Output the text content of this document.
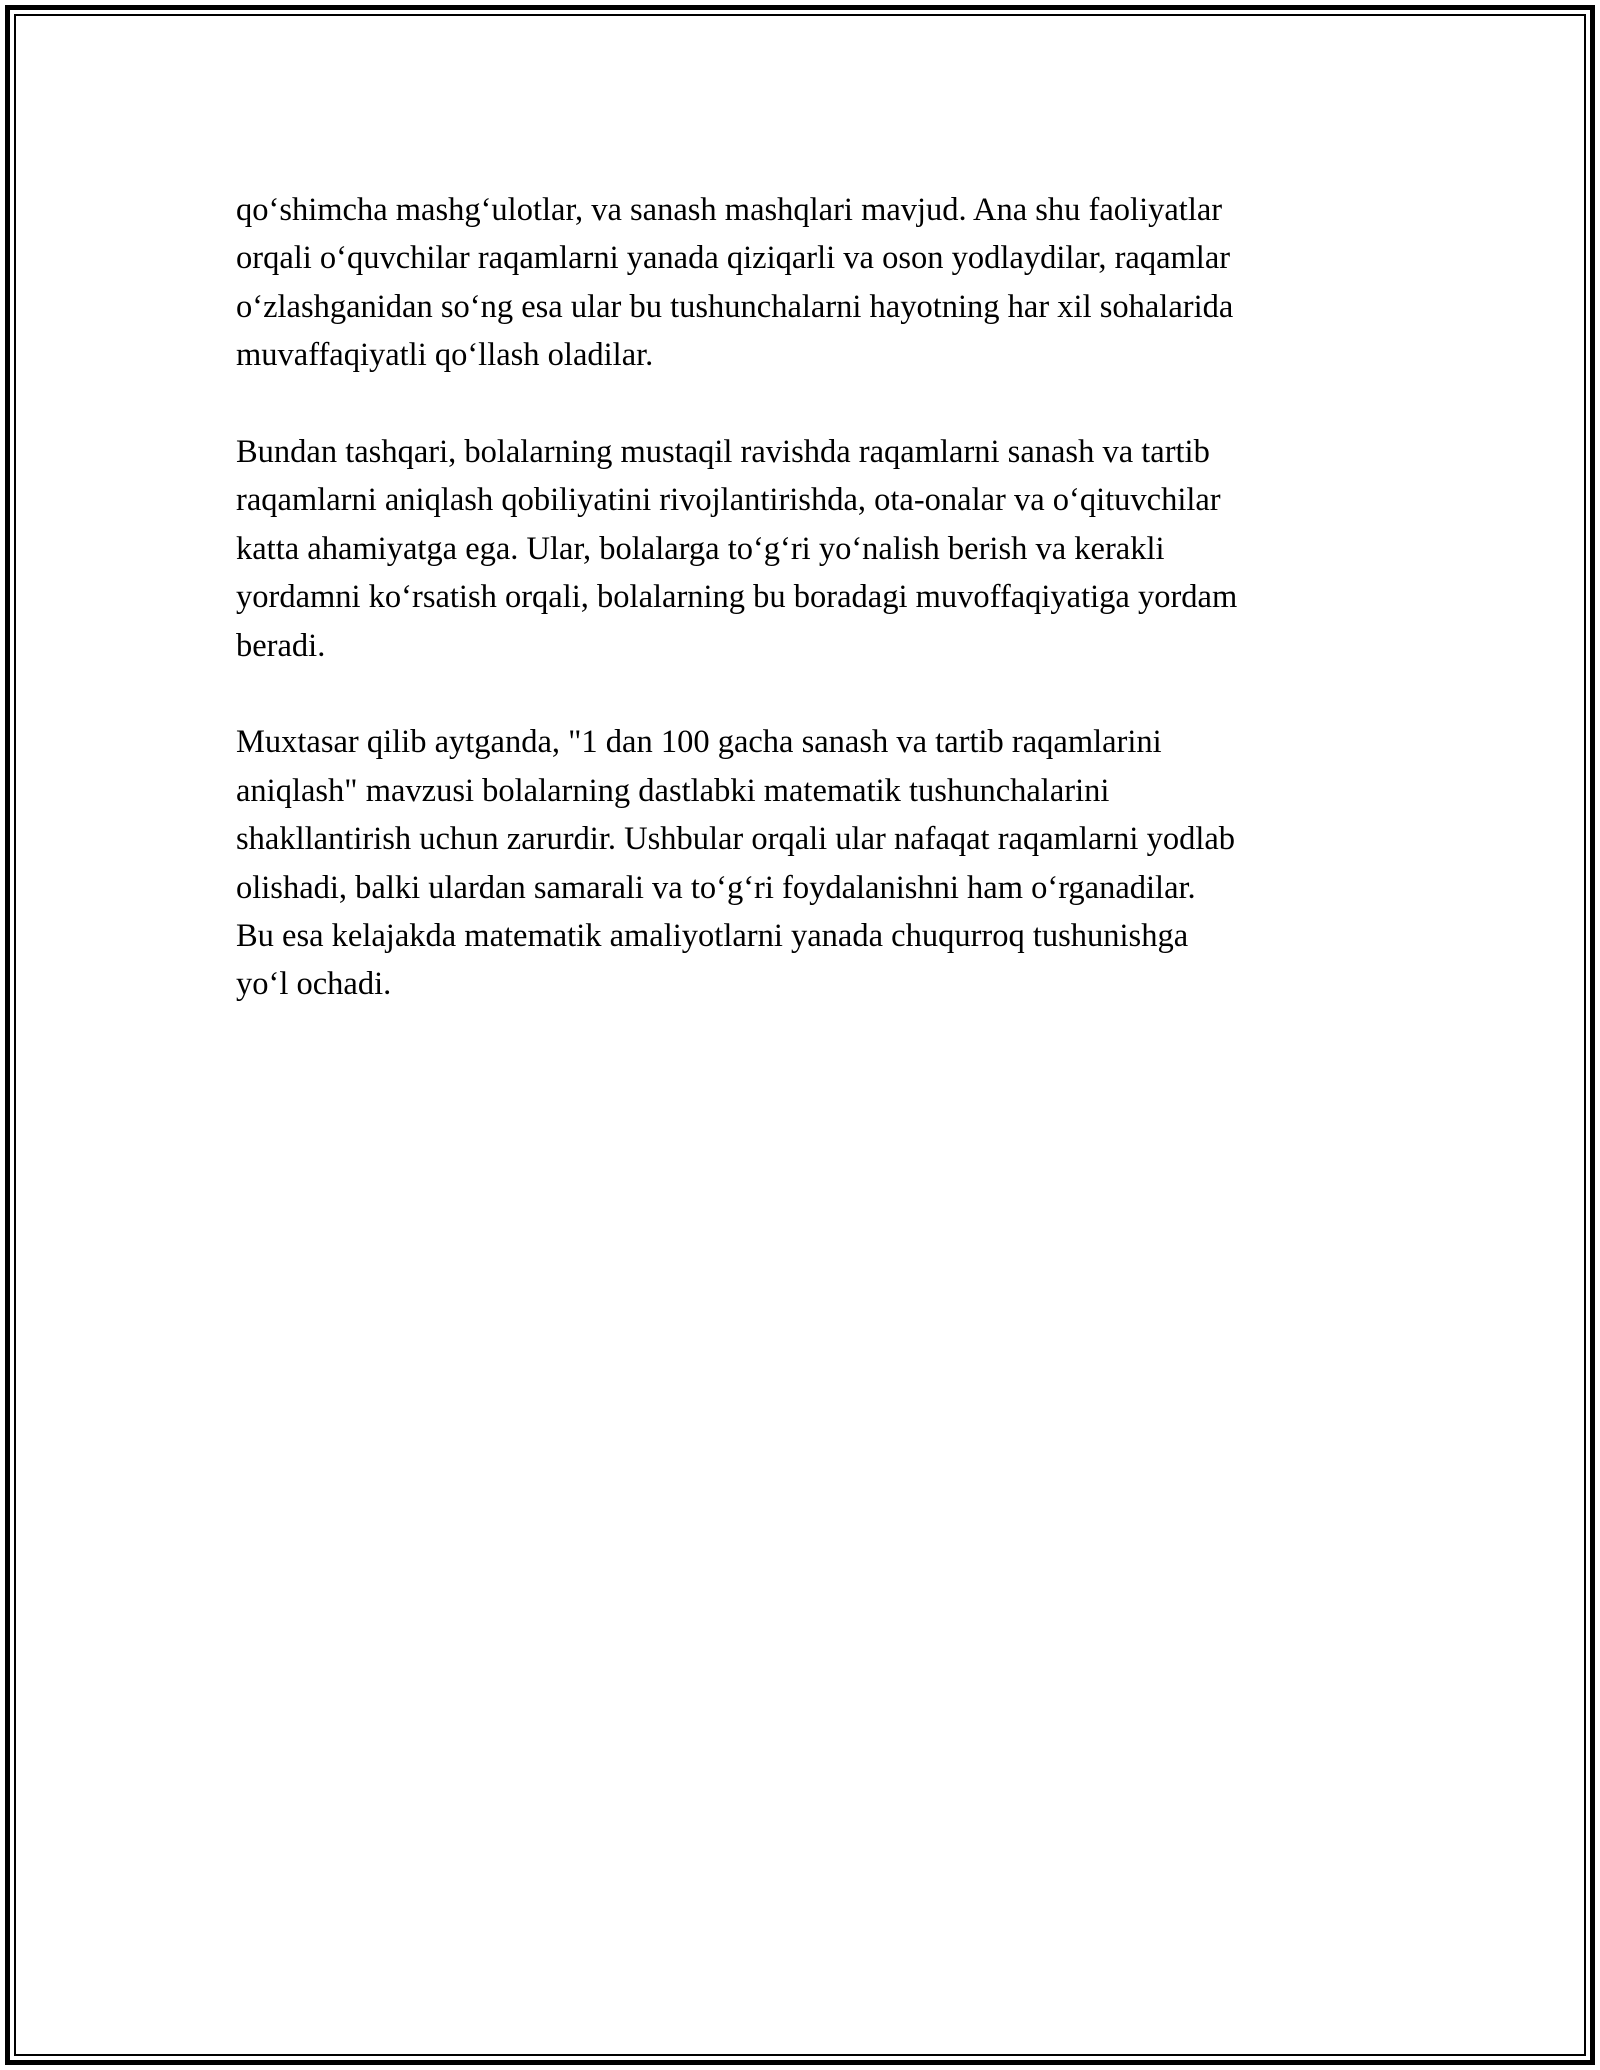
qo‘shimcha mashg‘ulotlar, va sanash mashqlari mavjud. Ana shu faoliyatlar
orqali o‘quvchilar raqamlarni yanada qiziqarli va oson yodlaydilar, raqamlar
o‘zlashganidan so‘ng esa ular bu tushunchalarni hayotning har xil sohalarida
muvaffaqiyatli qo‘llash oladilar.

Bundan tashqari, bolalarning mustaqil ravishda raqamlarni sanash va tartib
raqamlarni aniqlash qobiliyatini rivojlantirishda, ota-onalar va o‘qituvchilar
katta ahamiyatga ega. Ular, bolalarga to‘g‘ri yo‘nalish berish va kerakli
yordamni ko‘rsatish orqali, bolalarning bu boradagi muvoffaqiyatiga yordam
beradi.

Muxtasar qilib aytganda, "1 dan 100 gacha sanash va tartib raqamlarini
aniqlash" mavzusi bolalarning dastlabki matematik tushunchalarini
shakllantirish uchun zarurdir. Ushbular orqali ular nafaqat raqamlarni yodlab
olishadi, balki ulardan samarali va to‘g‘ri foydalanishni ham o‘rganadilar.
Bu esa kelajakda matematik amaliyotlarni yanada chuqurroq tushunishga
yo‘l ochadi.
